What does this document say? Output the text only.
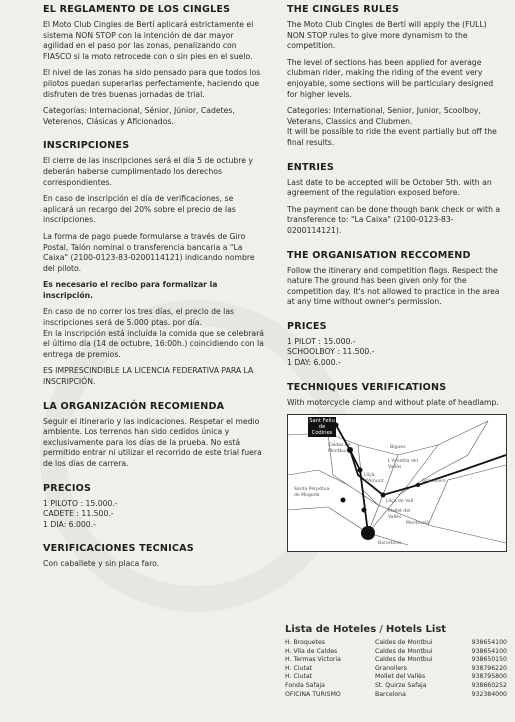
EL REGLAMENTO DE LOS CINGLES

El Moto Club Cingles de Bertí aplicará estrictamente el sistema NON STOP con la intención de dar mayor agilidad en el paso por las zonas, penalizando con FIASCO si la moto retrocede con o sin pies en el suelo.

El nivel de las zonas ha sido pensado para que todos los pilotos puedan superarlas perfectamente, haciendo que disfruten de tres buenas jornadas de trial.

Categorías: Internacional, Sénior, Júnior, Cadetes, Veterenos, Clásicas y Aficionados.

INSCRIPCIONES

El cierre de las inscripciones será el día 5 de octubre y deberán haberse cumplimentado los derechos correspondientes.

En caso de inscripción el día de verificaciones, se aplicará un recargo del 20% sobre el precio de las inscripciones.

La forma de pago puede formularse a través de Giro Postal, Talón nominal o transferencia bancaria a "La Caixa" (2100-0123-83-0200114121) indicando nombre del piloto.

Es necesario el recibo para formalizar la inscripción.

En caso de no correr los tres días, el precio de las inscripciones será de 5.000 ptas. por día.

En la inscripción está incluída la comida que se celebrará el último día (14 de octubre, 16:00h.) coincidiendo con la entrega de premios.

ES IMPRESCINDIBLE LA LICENCIA FEDERATIVA PARA LA INSCRIPCIÓN.

LA ORGANIZACIÓN RECOMIENDA

Seguir el itinerario y las indicaciones. Respetar el medio ambiente. Los terrenos han sido cedidos única y exclusivamente para los días de la prueba. No está permitido entrar ni utilizar el recorrido de este trial fuera de los días de carrera.

PRECIOS

1 PILOTO : 15.000.-

CADETE : 11.500.-

1 DIA: 6.000.-

VERIFICACIONES TECNICAS

Con caballete y sin placa faro.

THE CINGLES RULES

The Moto Club Cingles de Bertí will apply the (FULL) NON STOP rules to give more dynamism to the competition.

The level of sections has been applied for average clubman rider, making the riding of the event very enjoyable, some sections will be particulary designed for higher levels.

Categories: International, Senior, Junior, Scoolboy, Veterans, Classics and Clubmen.

It will be possible to ride the event partially but off the final results.

ENTRIES

Last date to be accepted will be October 5th. with an agreement of the regulation exposed before.

The payment can be done though bank check or with a transference to: "La Caixa" (2100-0123-83-0200114121).

THE ORGANISATION RECCOMEND

Follow the itinerary and competition flags. Respect the nature The ground has been given only for the competition day. It's not allowed to practice in the area at any time without owner's permission.

PRICES

1 PILOT : 15.000.-

SCHOOLBOY : 11.500.-

1 DAY: 6.000.-

TECHNIQUES VERIFICATIONS

With motorcycle clamp and without plate of headlamp.

Sant Feliu de Codines
Caldes de Montbui
Bigues
L'Ametlla del Vallès
Granollers
Lliçà d'Amunt
Lliça de Vall
Mollet del Vallès
Santa Perpètua de Mogoda
Montmeló
Barcelona
Lista de Hoteles / Hotels List
H. Broquetes	Caldes de Montbui	938654100
H. Vila de Caldes	Caldes de Montbui	938654100
H. Termas Victoria	Caldes de Montbui	938650150
H. Ciutat	Granollers	938796220
H. Ciutat	Mollet del Vallès	938795800
Fonda Safaja	St. Quirze Safaja	938660252
OFICINA TURISMO	Barcelona	932384000
